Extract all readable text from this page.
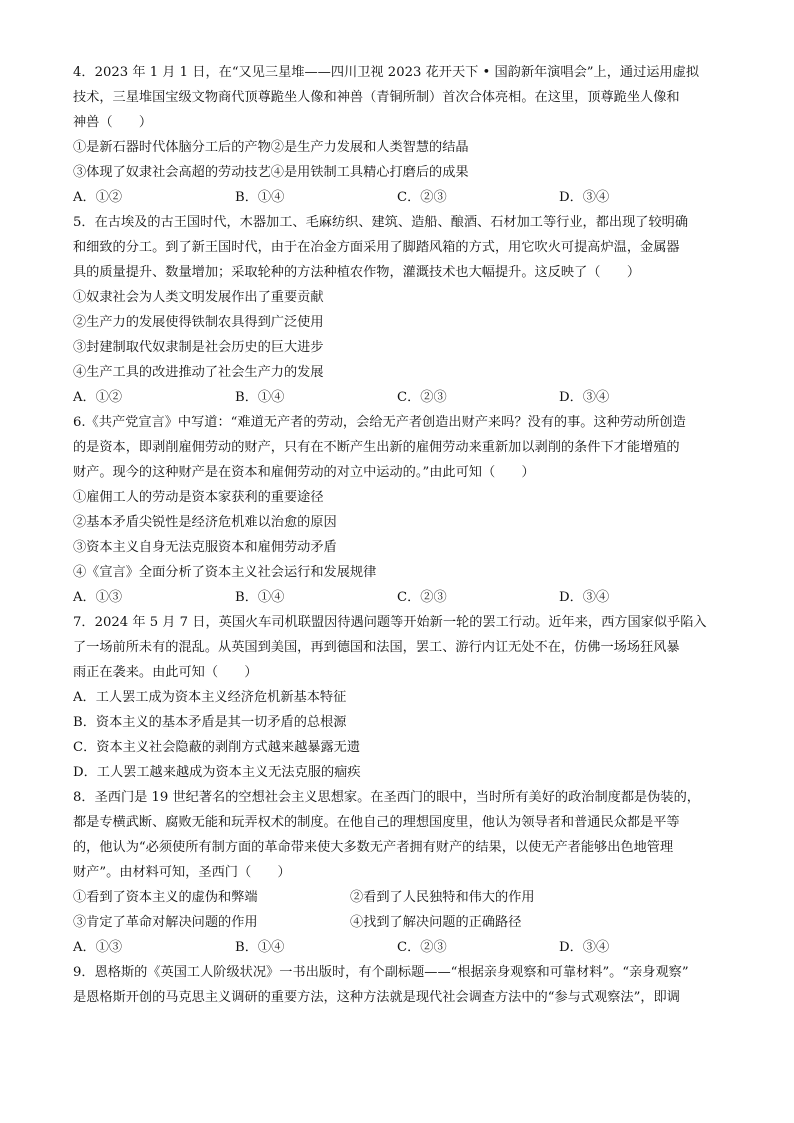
4．2023 年 1 月 1 日，在“又见三星堆——四川卫视 2023 花开天下 • 国韵新年演唱会”上，通过运用虚拟
技术，三星堆国宝级文物商代顶尊跪坐人像和神兽（青铜所制）首次合体亮相。在这里，顶尊跪坐人像和
神兽（　　）
①是新石器时代体脑分工后的产物②是生产力发展和人类智慧的结晶
③体现了奴隶社会高超的劳动技艺④是用铁制工具精心打磨后的成果
A．①②	B．①④	C．②③	D．③④
5．在古埃及的古王国时代，木器加工、毛麻纺织、建筑、造船、酿酒、石材加工等行业，都出现了较明确
和细致的分工。到了新王国时代，由于在冶金方面采用了脚踏风箱的方式，用它吹火可提高炉温，金属器
具的质量提升、数量增加；采取轮种的方法种植农作物，灌溉技术也大幅提升。这反映了（　　）
①奴隶社会为人类文明发展作出了重要贡献
②生产力的发展使得铁制农具得到广泛使用
③封建制取代奴隶制是社会历史的巨大进步
④生产工具的改进推动了社会生产力的发展
A．①②	B．①④	C．②③	D．③④
6.《共产党宣言》中写道：“难道无产者的劳动，会给无产者创造出财产来吗？没有的事。这种劳动所创造
的是资本，即剥削雇佣劳动的财产，只有在不断产生出新的雇佣劳动来重新加以剥削的条件下才能增殖的
财产。现今的这种财产是在资本和雇佣劳动的对立中运动的。”由此可知（　　）
①雇佣工人的劳动是资本家获利的重要途径
②基本矛盾尖锐性是经济危机难以治愈的原因
③资本主义自身无法克服资本和雇佣劳动矛盾
④《宣言》全面分析了资本主义社会运行和发展规律
A．①③	B．①④	C．②③	D．③④
7．2024 年 5 月 7 日，英国火车司机联盟因待遇问题等开始新一轮的罢工行动。近年来，西方国家似乎陷入
了一场前所未有的混乱。从英国到美国，再到德国和法国，罢工、游行内讧无处不在，仿佛一场场狂风暴
雨正在袭来。由此可知（　　）
A．工人罢工成为资本主义经济危机新基本特征
B．资本主义的基本矛盾是其一切矛盾的总根源
C．资本主义社会隐蔽的剥削方式越来越暴露无遗
D．工人罢工越来越成为资本主义无法克服的痼疾
8．圣西门是 19 世纪著名的空想社会主义思想家。在圣西门的眼中，当时所有美好的政治制度都是伪装的，
都是专横武断、腐败无能和玩弄权术的制度。在他自己的理想国度里，他认为领导者和普通民众都是平等
的，他认为“必须使所有制方面的革命带来使大多数无产者拥有财产的结果，以使无产者能够出色地管理
财产”。由材料可知，圣西门（　　）
①看到了资本主义的虚伪和弊端	②看到了人民独特和伟大的作用
③肯定了革命对解决问题的作用	④找到了解决问题的正确路径
A．①③	B．①④	C．②③	D．③④
9．恩格斯的《英国工人阶级状况》一书出版时，有个副标题——“根据亲身观察和可靠材料”。“亲身观察”
是恩格斯开创的马克思主义调研的重要方法，这种方法就是现代社会调查方法中的“参与式观察法”，即调
